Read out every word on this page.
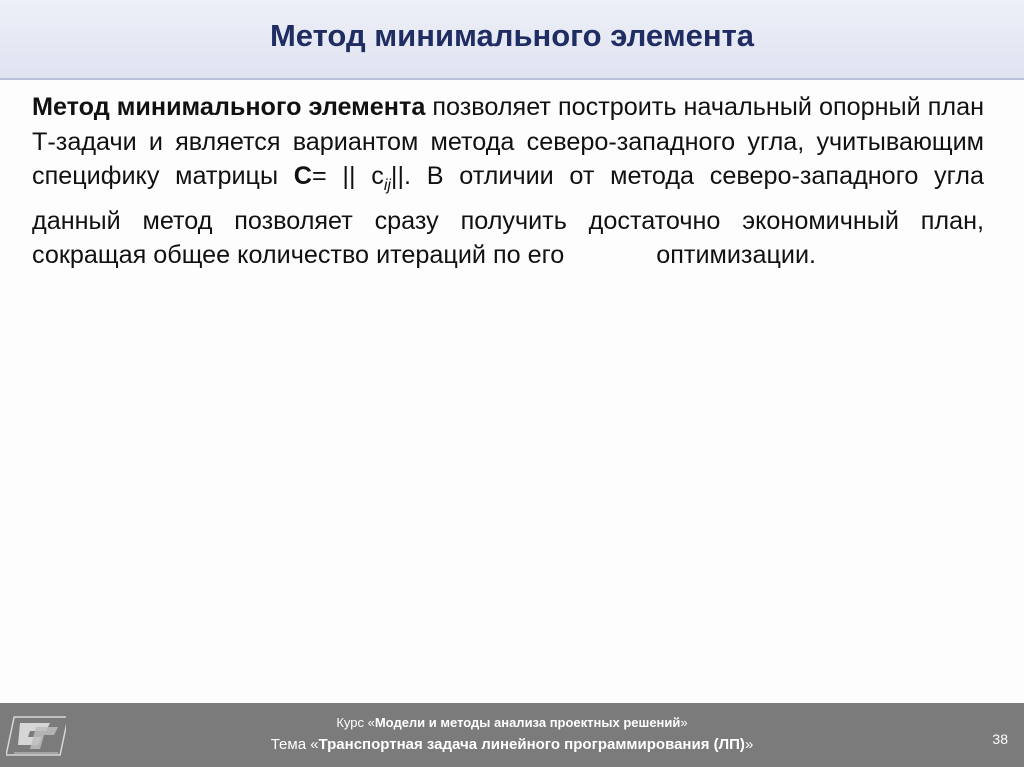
Метод минимального элемента
Метод минимального элемента позволяет построить начальный опорный план Т-задачи и является вариантом метода северо-западного угла, учитывающим специфику матрицы C= || $c_{ij}||$. В отличии от метода северо-западного угла данный метод позволяет сразу получить достаточно экономичный план, сокращая общее количество итераций по его	оптимизации.
Курс «Модели и методы анализа проектных решений»
Тема «Транспортная задача линейного программирования (ЛП)»	38
